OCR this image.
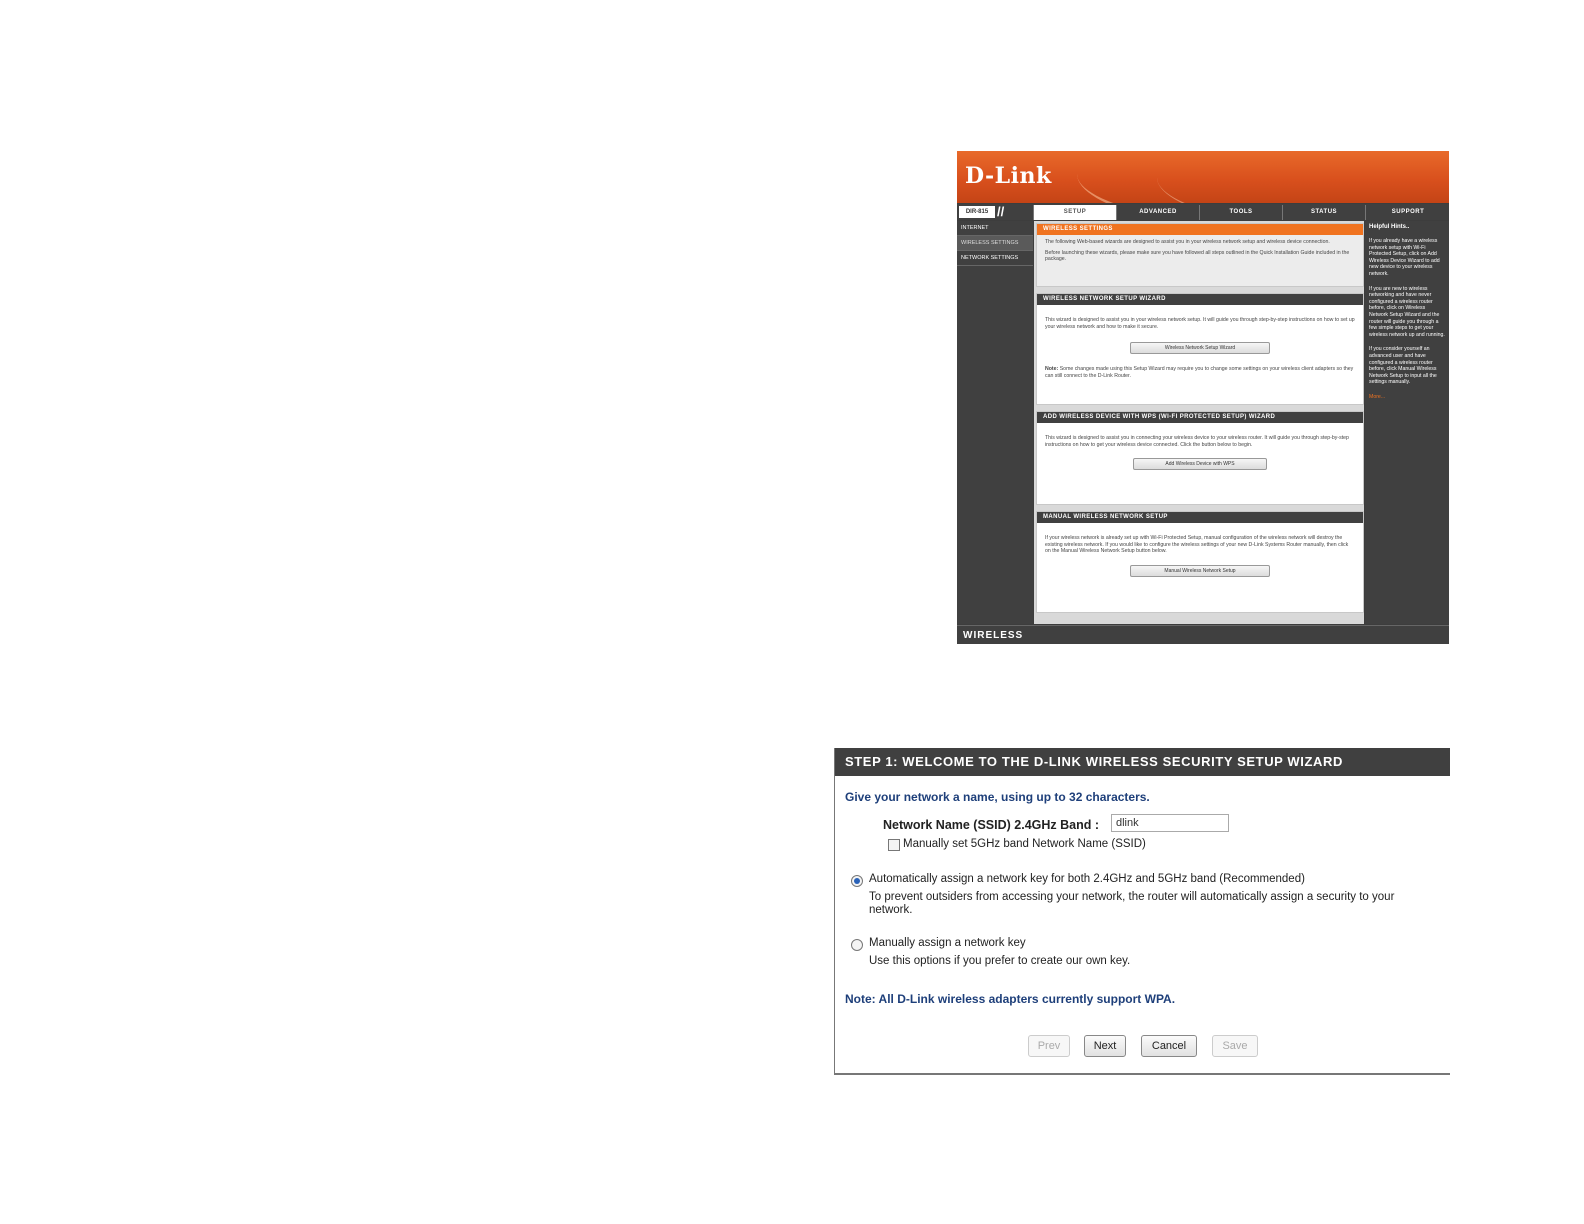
D-Link
DIR-815 //	SETUP	ADVANCED	TOOLS	STATUS	SUPPORT
INTERNET
WIRELESS SETTINGS
NETWORK SETTINGS
WIRELESS SETTINGS

The following Web-based wizards are designed to assist you in your wireless network setup and wireless device connection.

Before launching these wizards, please make sure you have followed all steps outlined in the Quick Installation Guide included in the package.

WIRELESS NETWORK SETUP WIZARD

This wizard is designed to assist you in your wireless network setup. It will guide you through step-by-step instructions on how to set up your wireless network and how to make it secure.

Wireless Network Setup Wizard

Note: Some changes made using this Setup Wizard may require you to change some settings on your wireless client adapters so they can still connect to the D-Link Router.

ADD WIRELESS DEVICE WITH WPS (WI-FI PROTECTED SETUP) WIZARD

This wizard is designed to assist you in connecting your wireless device to your wireless router. It will guide you through step-by-step instructions on how to get your wireless device connected. Click the button below to begin.

Add Wireless Device with WPS
MANUAL WIRELESS NETWORK SETUP

If your wireless network is already set up with Wi-Fi Protected Setup, manual configuration of the wireless network will destroy the existing wireless network. If you would like to configure the wireless settings of your new D-Link Systems Router manually, then click on the Manual Wireless Network Setup button below.

Manual Wireless Network Setup
Helpful Hints..

If you already have a wireless network setup with Wi-Fi Protected Setup, click on Add Wireless Device Wizard to add new device to your wireless network.

If you are new to wireless networking and have never configured a wireless router before, click on Wireless Network Setup Wizard and the router will guide you through a few simple steps to get your wireless network up and running.

If you consider yourself an advanced user and have configured a wireless router before, click Manual Wireless Network Setup to input all the settings manually.

More...

WIRELESS
STEP 1: WELCOME TO THE D-LINK WIRELESS SECURITY SETUP WIZARD
Give your network a name, using up to 32 characters.
Network Name (SSID) 2.4GHz Band :
dlink
Manually set 5GHz band Network Name (SSID)
Automatically assign a network key for both 2.4GHz and 5GHz band (Recommended)
To prevent outsiders from accessing your network, the router will automatically assign a security to your network.
Manually assign a network key
Use this options if you prefer to create our own key.
Note: All D-Link wireless adapters currently support WPA.
Prev	Next	Cancel	Save
